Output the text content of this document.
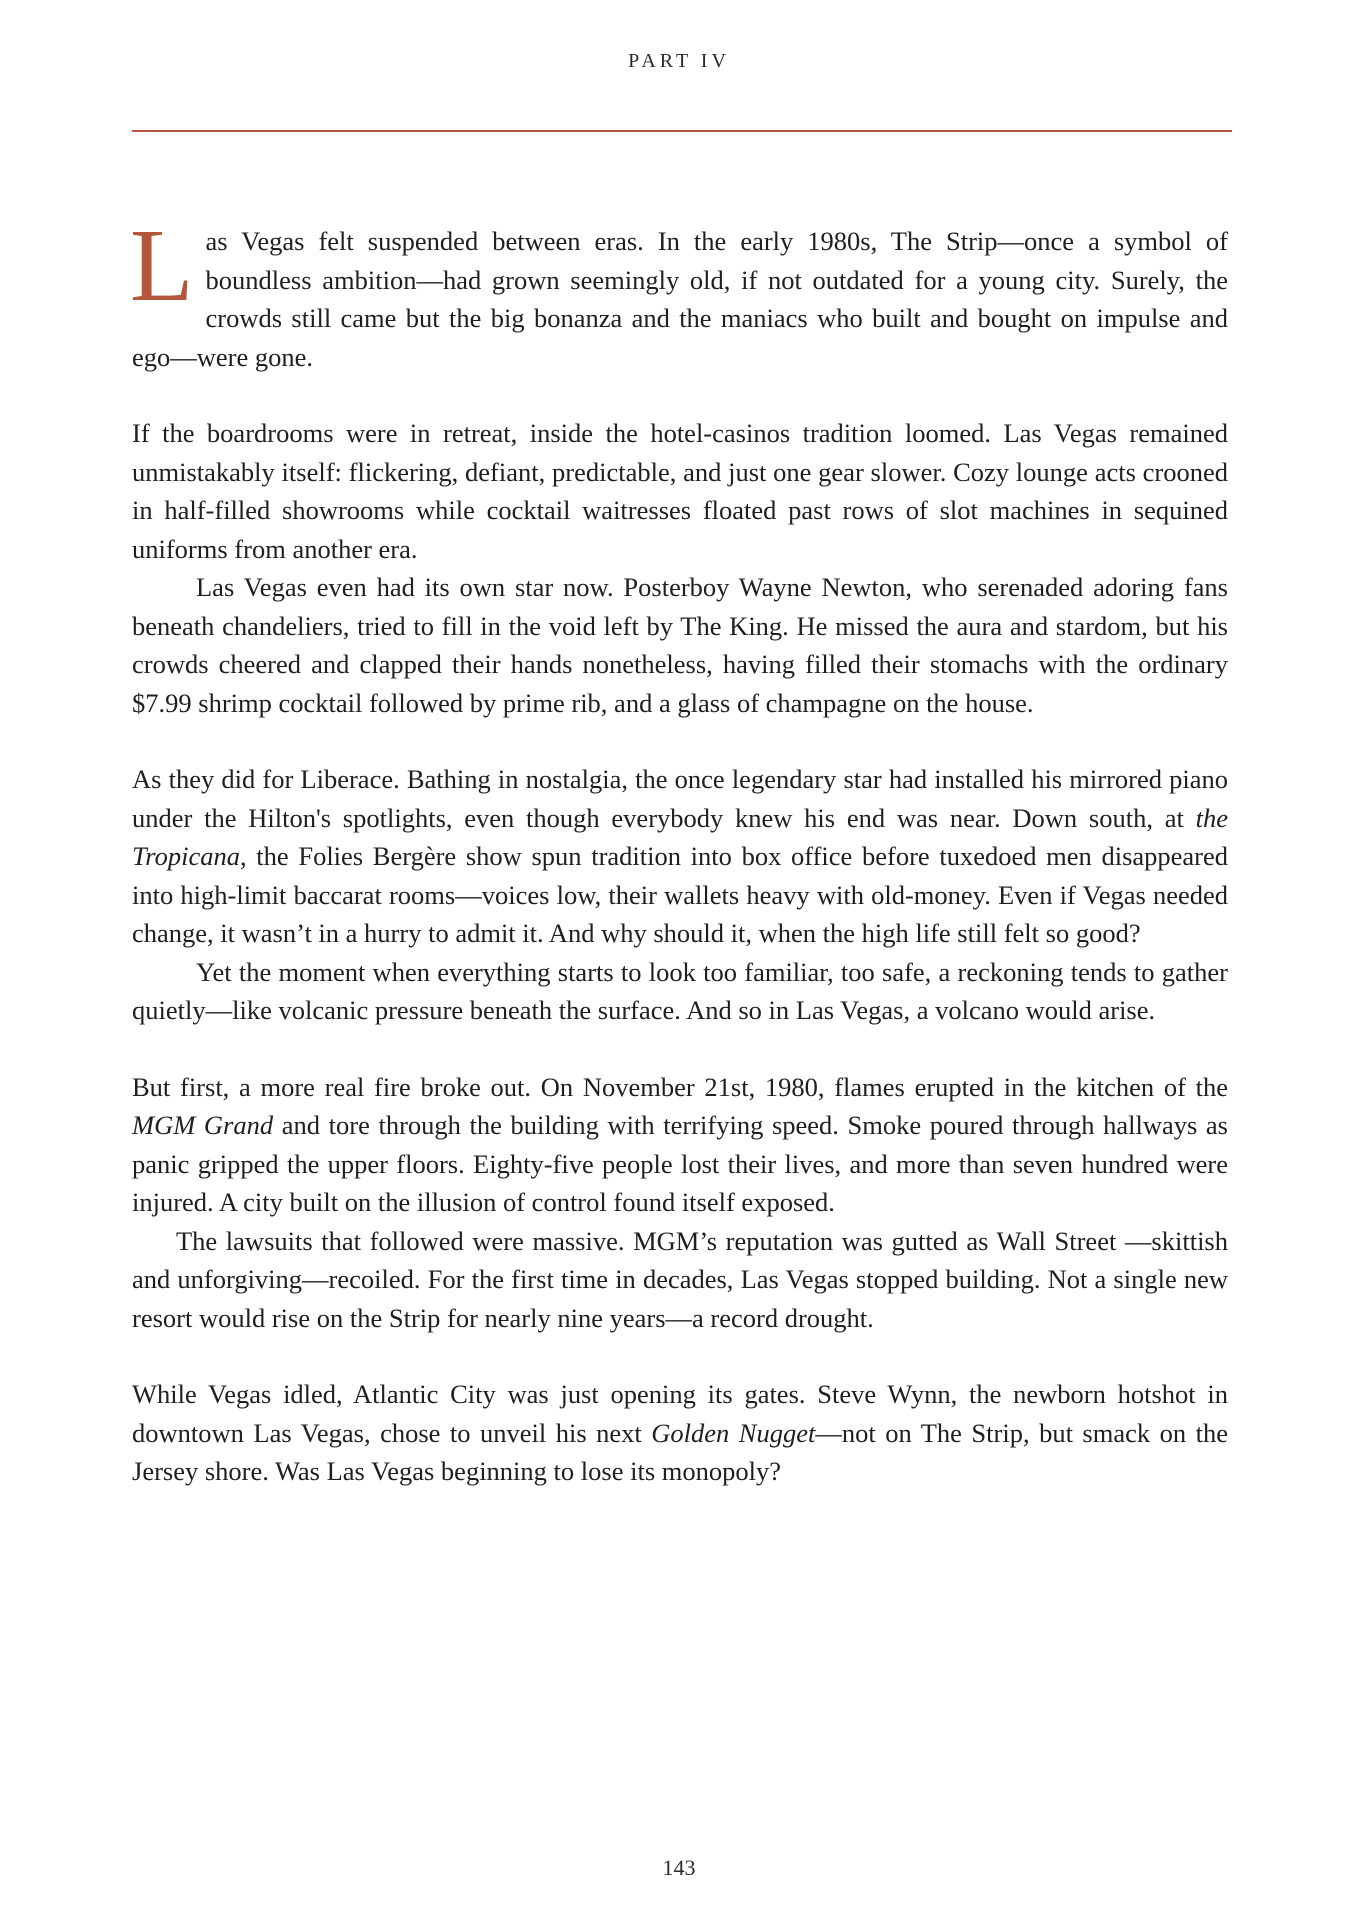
PART IV

Las Vegas felt suspended between eras. In the early 1980s, The Strip—once a symbol of boundless ambition—had grown seemingly old, if not outdated for a young city. Surely, the crowds still came but the big bonanza and the maniacs who built and bought on impulse and ego—were gone.

If the boardrooms were in retreat, inside the hotel-casinos tradition loomed. Las Vegas remained unmistakably itself: flickering, defiant, predictable, and just one gear slower. Cozy lounge acts crooned in half-filled showrooms while cocktail waitresses floated past rows of slot machines in sequined uniforms from another era.

Las Vegas even had its own star now. Posterboy Wayne Newton, who serenaded adoring fans beneath chandeliers, tried to fill in the void left by The King. He missed the aura and stardom, but his crowds cheered and clapped their hands nonetheless, having filled their stomachs with the ordinary $7.99 shrimp cocktail followed by prime rib, and a glass of champagne on the house.

As they did for Liberace. Bathing in nostalgia, the once legendary star had installed his mirrored piano under the Hilton's spotlights, even though everybody knew his end was near. Down south, at the Tropicana, the Folies Bergère show spun tradition into box office before tuxedoed men disappeared into high-limit baccarat rooms—voices low, their wallets heavy with old-money. Even if Vegas needed change, it wasn’t in a hurry to admit it. And why should it, when the high life still felt so good?

Yet the moment when everything starts to look too familiar, too safe, a reckoning tends to gather quietly—like volcanic pressure beneath the surface. And so in Las Vegas, a volcano would arise.

But first, a more real fire broke out. On November 21st, 1980, flames erupted in the kitchen of the MGM Grand and tore through the building with terrifying speed. Smoke poured through hallways as panic gripped the upper floors. Eighty-five people lost their lives, and more than seven hundred were injured. A city built on the illusion of control found itself exposed.

The lawsuits that followed were massive. MGM’s reputation was gutted as Wall Street —skittish and unforgiving—recoiled. For the first time in decades, Las Vegas stopped building. Not a single new resort would rise on the Strip for nearly nine years—a record drought.

While Vegas idled, Atlantic City was just opening its gates. Steve Wynn, the newborn hotshot in downtown Las Vegas, chose to unveil his next Golden Nugget—not on The Strip, but smack on the Jersey shore. Was Las Vegas beginning to lose its monopoly?

143
